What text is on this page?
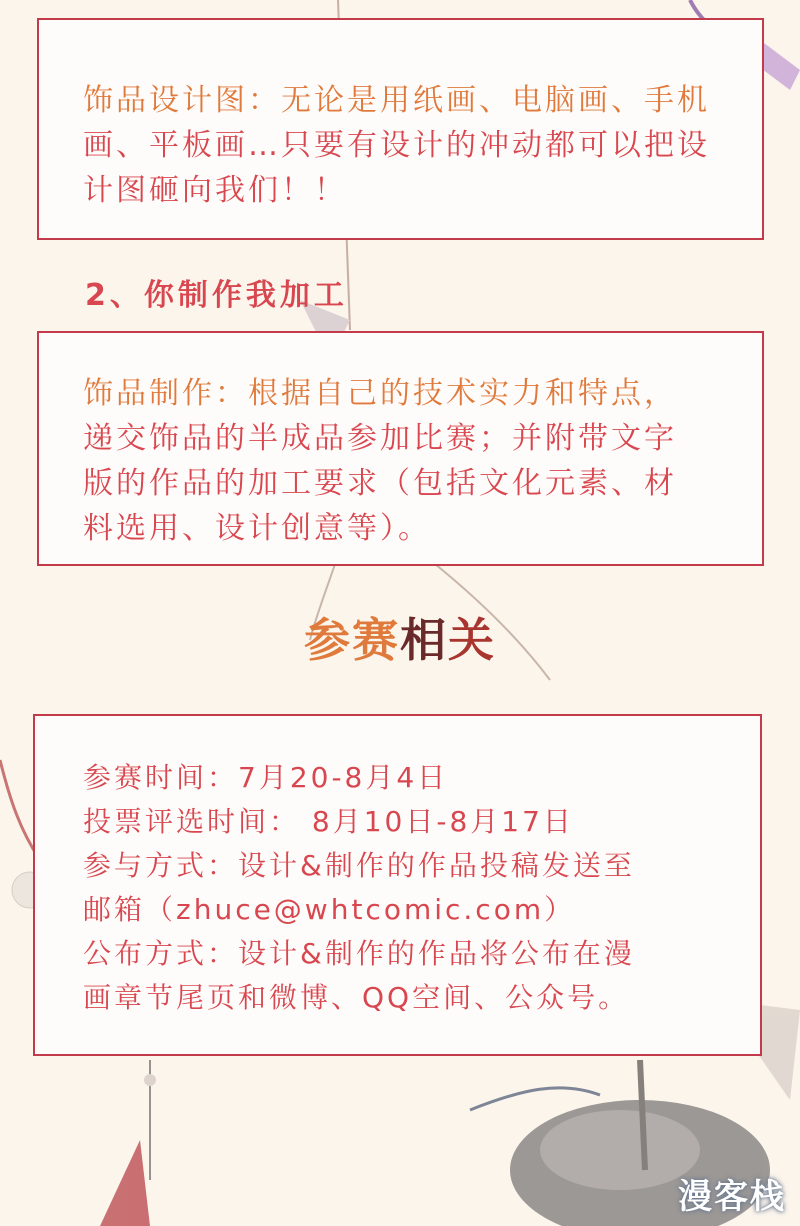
饰品设计图：无论是用纸画、电脑画、手机

画、平板画…只要有设计的冲动都可以把设

计图砸向我们！！

2、你制作我加工

饰品制作：根据自己的技术实力和特点，

递交饰品的半成品参加比赛；并附带文字

版的作品的加工要求（包括文化元素、材

料选用、设计创意等）。

参赛相关

参赛时间：7月20-8月4日

投票评选时间： 8月10日-8月17日

参与方式：设计&制作的作品投稿发送至

邮箱（zhuce@whtcomic.com）

公布方式：设计&制作的作品将公布在漫

画章节尾页和微博、QQ空间、公众号。

漫客栈
